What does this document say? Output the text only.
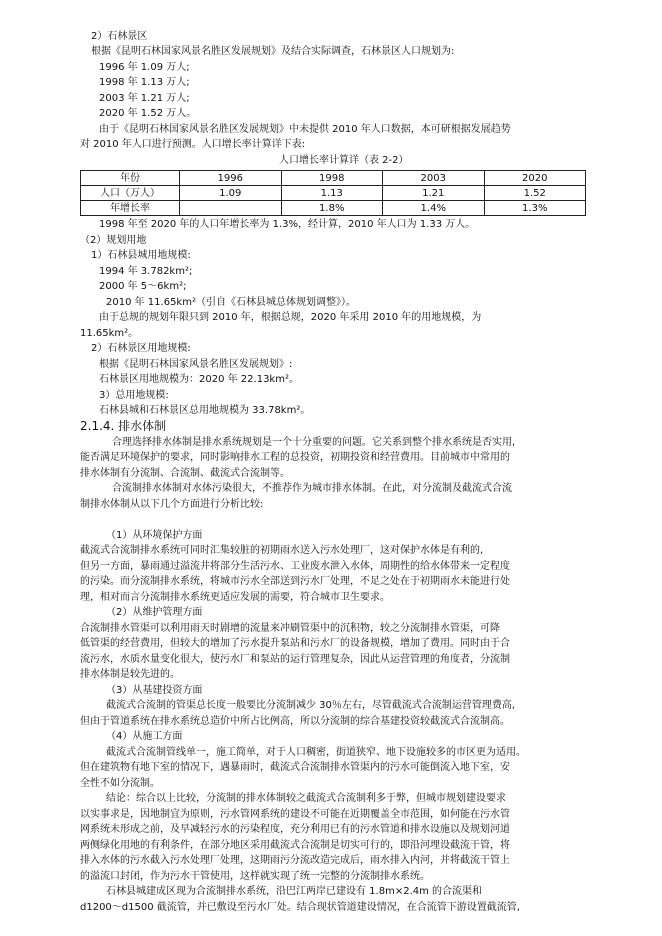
2）石林景区
根据《昆明石林国家风景名胜区发展规划》及结合实际调查，石林景区人口规划为:
1996 年 1.09 万人;
1998 年 1.13 万人;
2003 年 1.21 万人;
2020 年 1.52 万人。
由于《昆明石林国家风景名胜区发展规划》中未提供 2010 年人口数据，本可研根据发展趋势
对 2010 年人口进行预测。人口增长率计算详下表:
人口增长率计算详（表 2-2）
年份	1996	1998	2003	2020
人口（万人）	1.09	1.13	1.21	1.52
年增长率		1.8%	1.4%	1.3%
1998 年至 2020 年的人口年增长率为 1.3%，经计算，2010 年人口为 1.33 万人。
（2）规划用地
1）石林县城用地规模:
1994 年 3.782km²;
2000 年 5～6km²;
2010 年 11.65km²（引自《石林县城总体规划调整》）。
由于总规的规划年限只到 2010 年，根据总规，2020 年采用 2010 年的用地规模，为
11.65km²。
2）石林景区用地规模:
根据《昆明石林国家风景名胜区发展规划》:
石林景区用地规模为：2020 年 22.13km²。
3）总用地规模:
石林县城和石林景区总用地规模为 33.78km²。
2.1.4. 排水体制
合理选择排水体制是排水系统规划是一个十分重要的问题。它关系到整个排水系统是否实用,
能否满足环境保护的要求，同时影响排水工程的总投资，初期投资和经营费用。目前城市中常用的
排水体制有分流制、合流制、截流式合流制等。
合流制排水体制对水体污染很大，不推荐作为城市排水体制。在此，对分流制及截流式合流
制排水体制从以下几个方面进行分析比较:
（1）从环境保护方面
截流式合流制排水系统可同时汇集较脏的初期雨水送入污水处理厂，这对保护水体是有利的,
但另一方面，暴雨通过溢流井将部分生活污水、工业废水泄入水体，周期性的给水体带来一定程度
的污染。而分流制排水系统，将城市污水全部送到污水厂处理，不足之处在于初期雨水未能进行处
理，相对而言分流制排水系统更适应发展的需要，符合城市卫生要求。
（2）从维护管理方面
合流制排水管渠可以利用雨天时剧增的流量来冲刷管渠中的沉积物，较之分流制排水管渠，可降
低管渠的经营费用，但较大的增加了污水提升泵站和污水厂的设备规模，增加了费用。同时由于合
流污水，水质水量变化很大，使污水厂和泵站的运行管理复杂，因此从运营管理的角度者，分流制
排水体制是较先进的。
（3）从基建投资方面
截流式合流制的管渠总长度一般要比分流制减少 30％左右，尽管截流式合流制运营管理费高,
但由于管道系统在排水系统总造价中所占比例高，所以分流制的综合基建投资较截流式合流制高。
（4）从施工方面
截流式合流制管线单一，施工简单，对于人口稠密，街道狭窄、地下设施较多的市区更为适用。
但在建筑物有地下室的情况下，遇暴雨时，截流式合流制排水管渠内的污水可能倒流入地下室，安
全性不如分流制。
结论：综合以上比较，分流制的排水体制较之截流式合流制利多于弊，但城市规划建设要求
以实事求是，因地制宜为原则，污水管网系统的建设不可能在近期覆盖全市范围，如何能在污水管
网系统未形成之前，及早减轻污水的污染程度，充分利用已有的污水管道和排水设施以及规划河道
两侧绿化用地的有利条件，在部分地区采用截流式合流制是切实可行的，即沿河埋设截流干管，将
排入水体的污水截入污水处理厂处理，这期雨污分流改造完成后，雨水排入内河，并将截流干管上
的溢流口封闭，作为污水干管使用，这样就实现了统一完整的分流制排水系统。
石林县城建成区现为合流制排水系统，沿巴江两岸已建设有 1.8m×2.4m 的合流渠和
d1200～d1500 截流管，并已敷设至污水厂处。结合现状管道建设情况，在合流管下游设置截流管,
